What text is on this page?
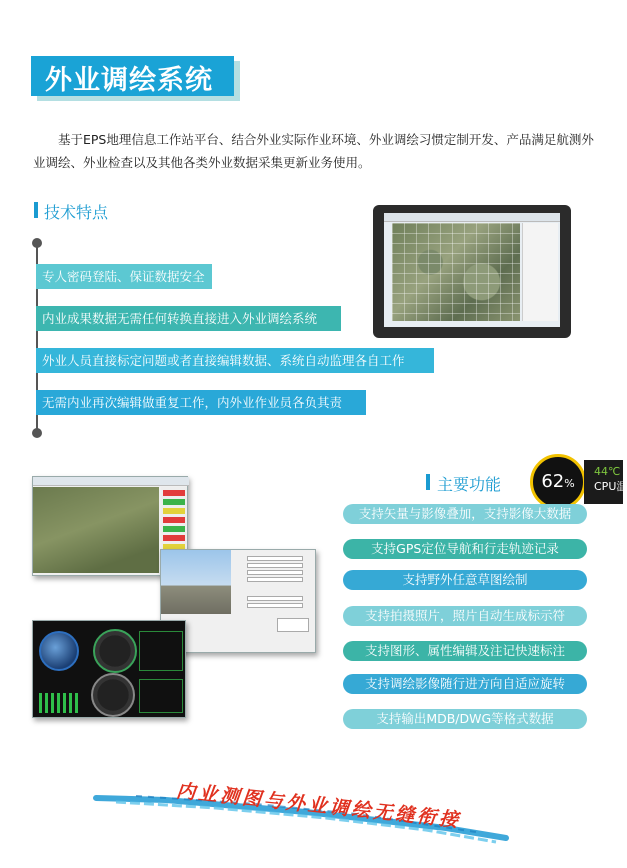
外业调绘系统

基于EPS地理信息工作站平台、结合外业实际作业环境、外业调绘习惯定制开发、产品满足航测外业调绘、外业检查以及其他各类外业数据采集更新业务使用。

技术特点
专人密码登陆、保证数据安全
内业成果数据无需任何转换直接进入外业调绘系统
外业人员直接标定问题或者直接编辑数据、系统自动监理各自工作
无需内业再次编辑做重复工作，内外业作业员各负其责
主要功能	62%
44℃
CPU温
支持矢量与影像叠加，支持影像大数据
支持GPS定位导航和行走轨迹记录
支持野外任意草图绘制
支持拍摄照片，照片自动生成标示符
支持图形、属性编辑及注记快速标注
支持调绘影像随行进方向自适应旋转
支持输出MDB/DWG等格式数据
内业测图与外业调绘无缝衔接
